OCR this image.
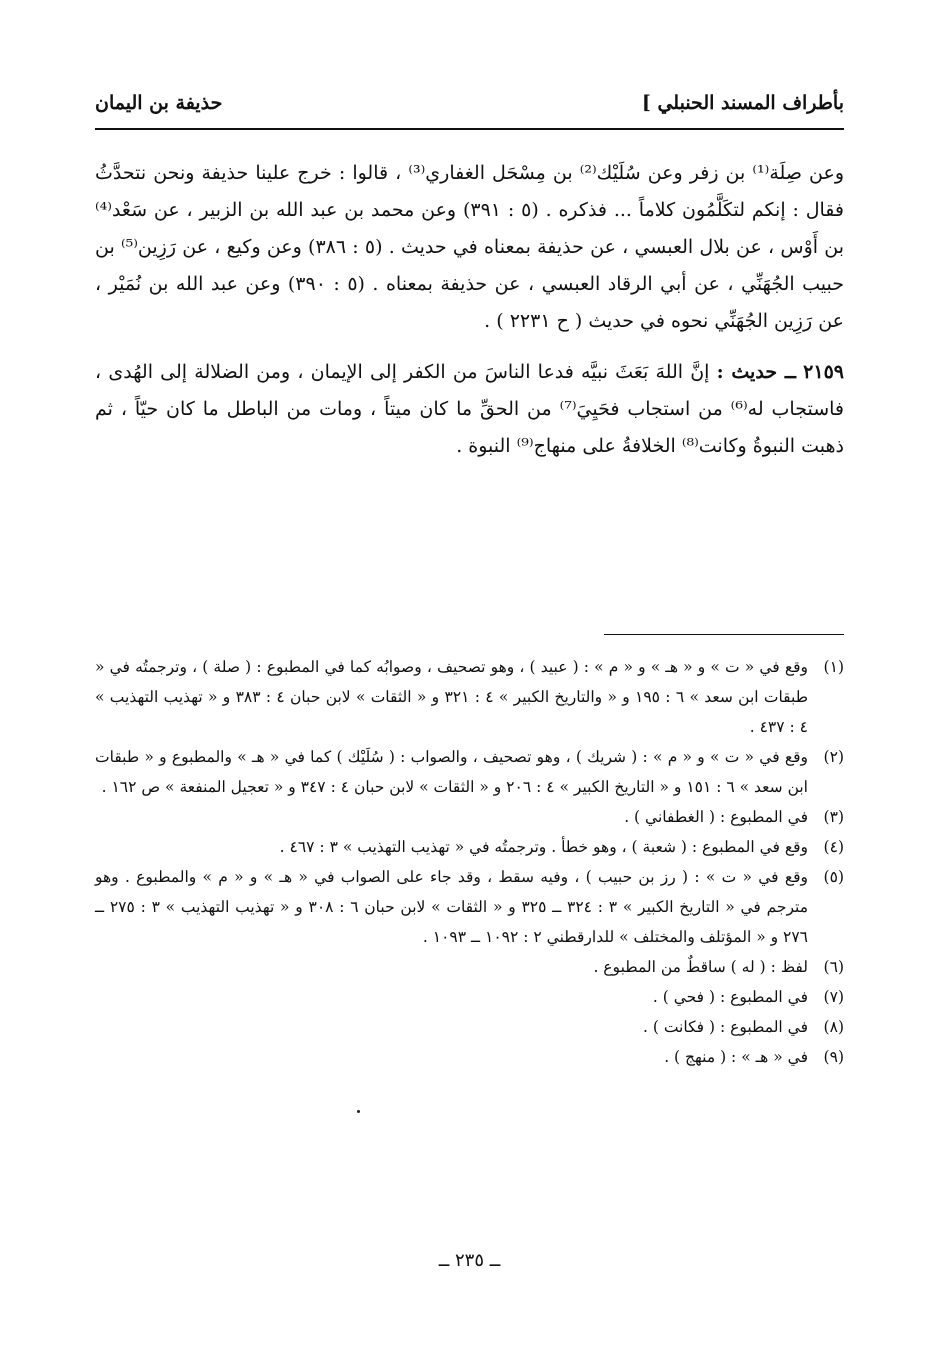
بأطراف المسند الحنبلي ]
حذيفة بن اليمان

وعن صِلَة⁽¹⁾ بن زفر وعن سُلَيْك⁽²⁾ بن مِسْحَل الغفاري⁽³⁾ ، قالوا : خرج علينا حذيفة ونحن نتحدَّثُ فقال : إنكم لتكَلَّمُون كلاماً ... فذكره . (٥ : ٣٩١) وعن محمد بن عبد الله بن الزبير ، عن سَعْد⁽⁴⁾ بن أَوْس ، عن بلال العبسي ، عن حذيفة بمعناه في حديث . (٥ : ٣٨٦) وعن وكيع ، عن رَزِين⁽⁵⁾ بن حبيب الجُهَنِّي ، عن أبي الرقاد العبسي ، عن حذيفة بمعناه . (٥ : ٣٩٠) وعن عبد الله بن نُمَيْر ، عن رَزِين الجُهَنِّي نحوه في حديث ( ح ٢٢٣١ ) .

٢١٥٩ ــ حديث : إنَّ اللهَ بَعَثَ نبيَّه فدعا الناسَ من الكفر إلى الإيمان ، ومن الضلالة إلى الهُدى ، فاستجاب له⁽⁶⁾ من استجاب فحَيِيَ⁽⁷⁾ من الحقِّ ما كان ميتاً ، ومات من الباطل ما كان حيّاً ، ثم ذهبت النبوةُ وكانت⁽⁸⁾ الخلافةُ على منهاج⁽⁹⁾ النبوة .

(١)
وقع في « ت » و « هـ » و « م » : ( عبيد ) ، وهو تصحيف ، وصوابُه كما في المطبوع : ( صلة ) ، وترجمتُه في « طبقات ابن سعد » ٦ : ١٩٥ و « والتاريخ الكبير » ٤ : ٣٢١ و « الثقات » لابن حبان ٤ : ٣٨٣ و « تهذيب التهذيب » ٤ : ٤٣٧ .

(٢)
وقع في « ت » و « م » : ( شريك ) ، وهو تصحيف ، والصواب : ( سُلَيْك ) كما في « هـ » والمطبوع و « طبقات ابن سعد » ٦ : ١٥١ و « التاريخ الكبير » ٤ : ٢٠٦ و « الثقات » لابن حبان ٤ : ٣٤٧ و « تعجيل المنفعة » ص ١٦٢ .

(٣)
في المطبوع : ( الغطفاني ) .

(٤)
وقع في المطبوع : ( شعبة ) ، وهو خطأ . وترجمتُه في « تهذيب التهذيب » ٣ : ٤٦٧ .

(٥)
وقع في « ت » : ( رز بن حبيب ) ، وفيه سقط ، وقد جاء على الصواب في « هـ » و « م » والمطبوع . وهو مترجم في « التاريخ الكبير » ٣ : ٣٢٤ ــ ٣٢٥ و « الثقات » لابن حبان ٦ : ٣٠٨ و « تهذيب التهذيب » ٣ : ٢٧٥ ــ ٢٧٦ و « المؤتلف والمختلف » للدارقطني ٢ : ١٠٩٢ ــ ١٠٩٣ .

(٦)
لفظ : ( له ) ساقطٌ من المطبوع .

(٧)
في المطبوع : ( فحي ) .

(٨)
في المطبوع : ( فكانت ) .

(٩)
في « هـ » : ( منهج ) .

ــ ٢٣٥ ــ
